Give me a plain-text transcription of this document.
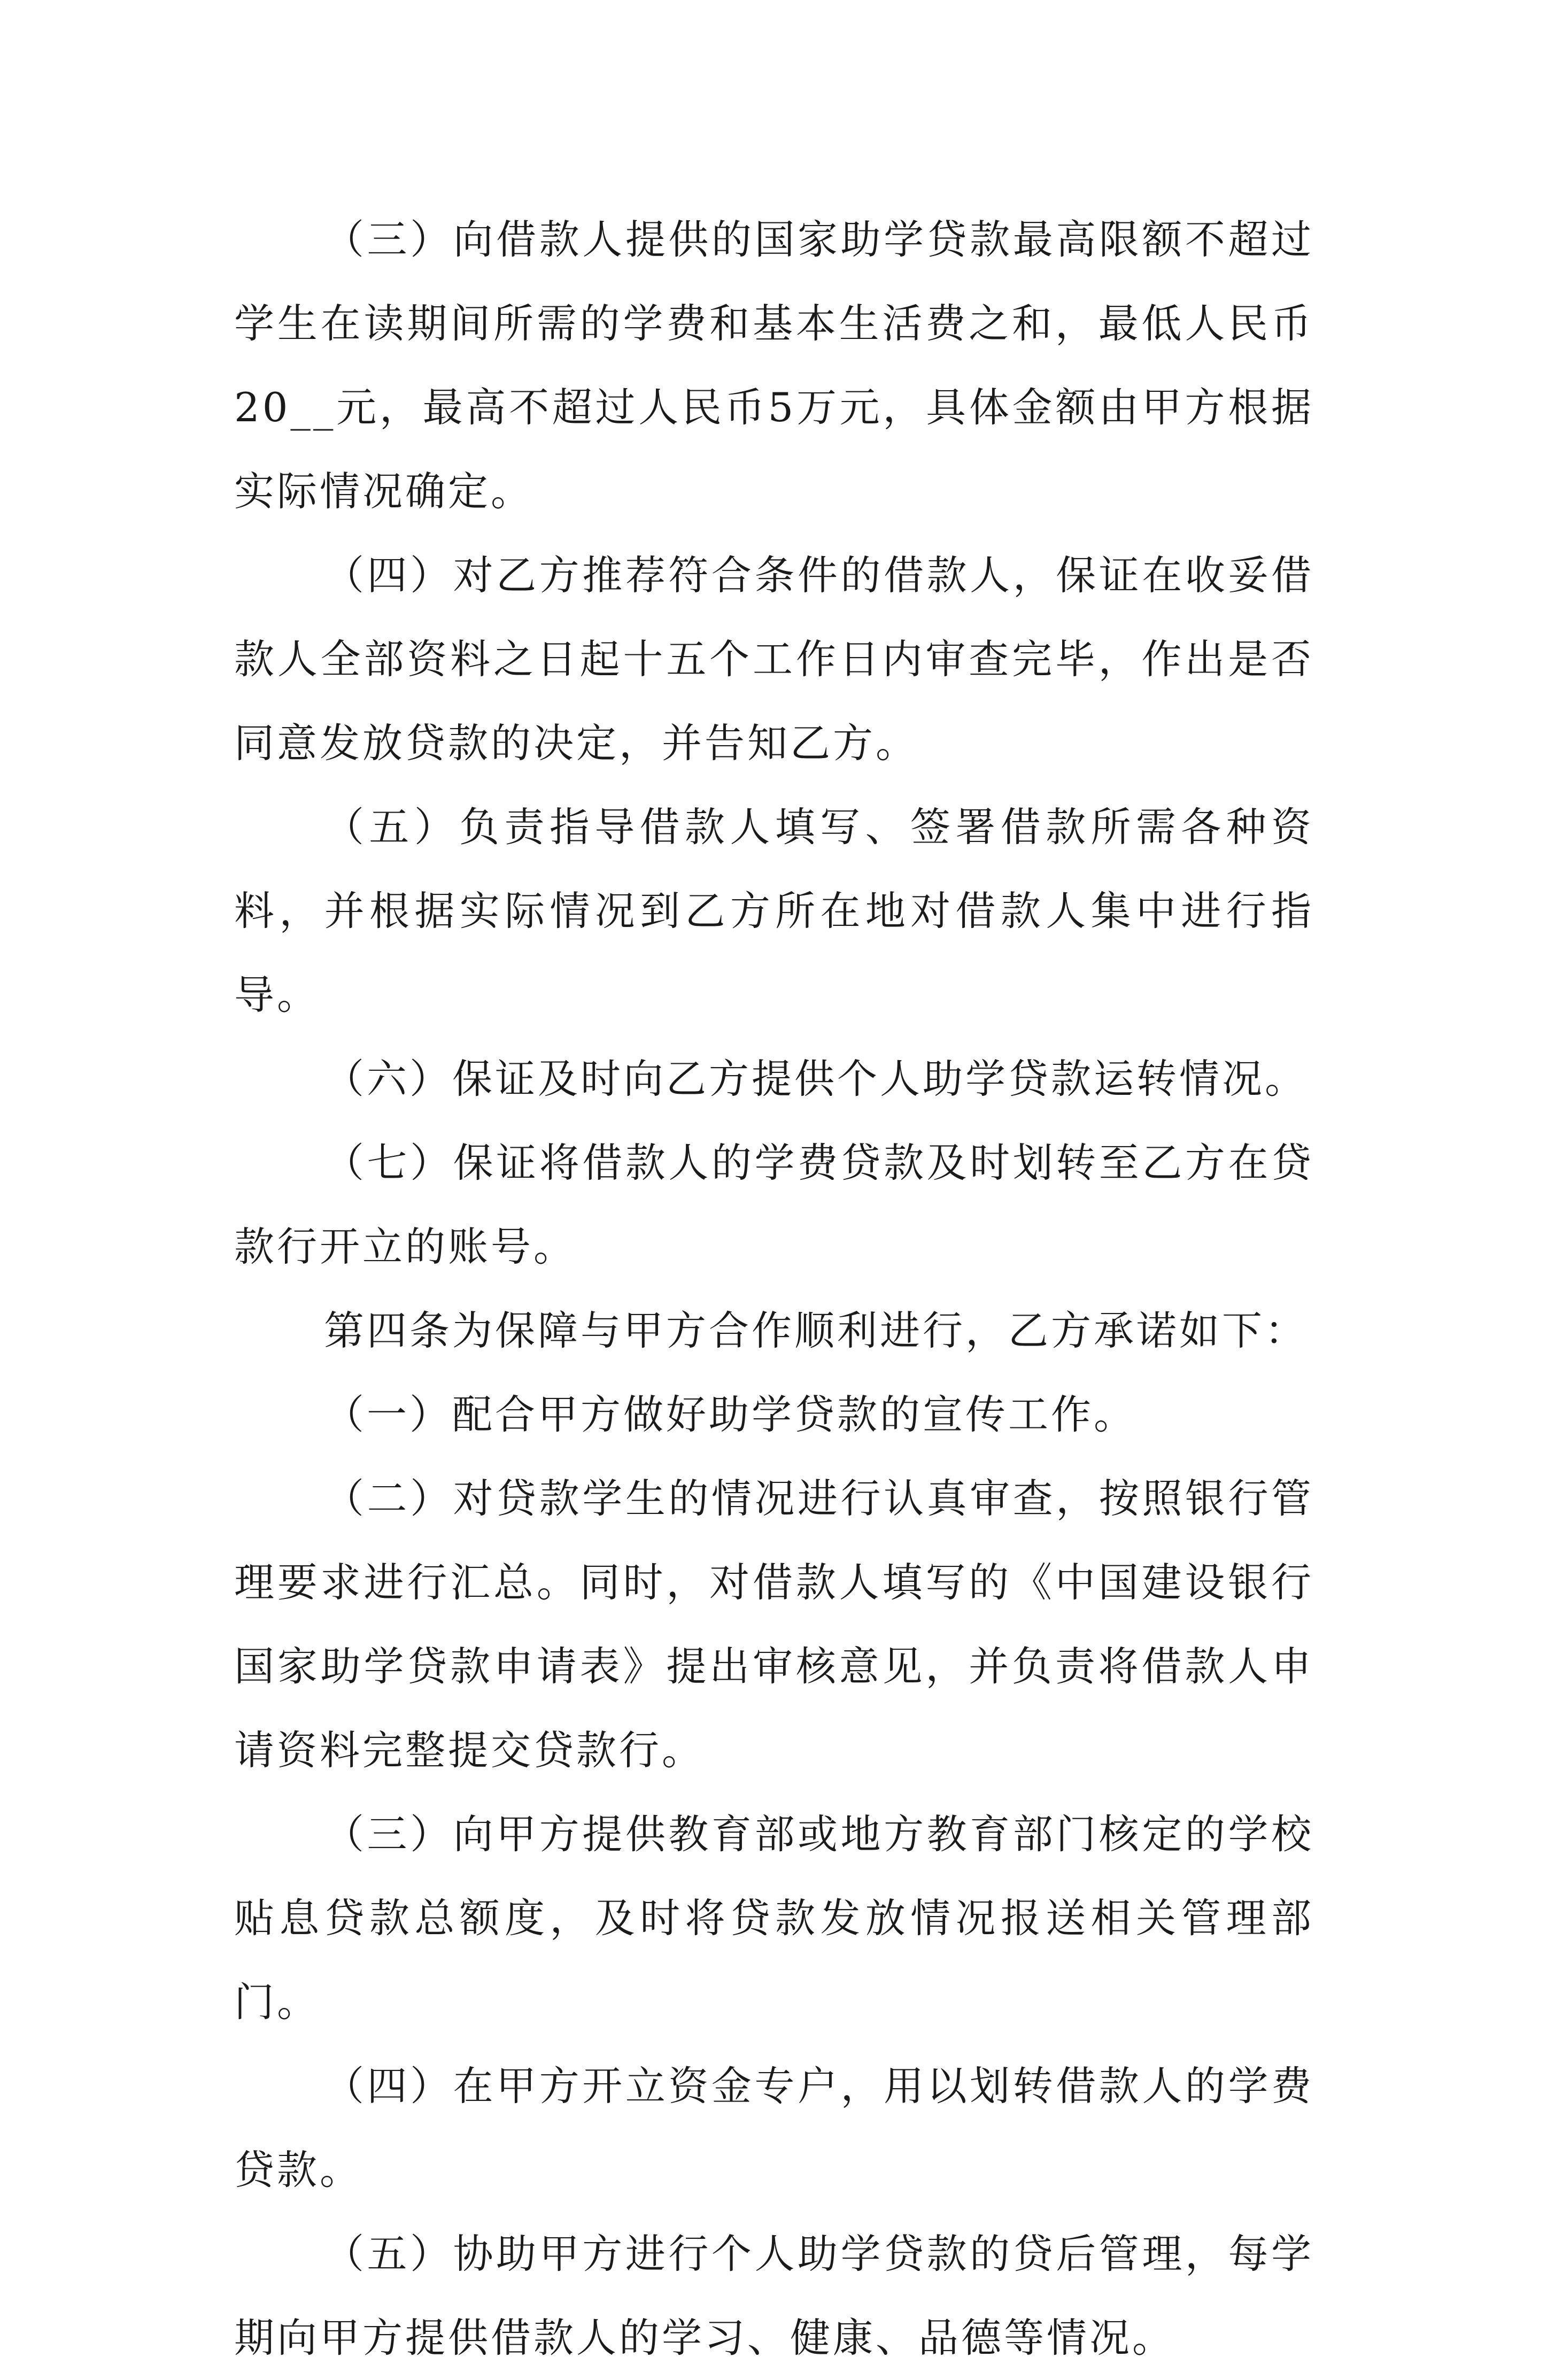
（三）向借款人提供的国家助学贷款最高限额不超过学生在读期间所需的学费和基本生活费之和，最低人民币20__元，最高不超过人民币5万元，具体金额由甲方根据实际情况确定。

（四）对乙方推荐符合条件的借款人，保证在收妥借款人全部资料之日起十五个工作日内审查完毕，作出是否同意发放贷款的决定，并告知乙方。

（五）负责指导借款人填写、签署借款所需各种资料，并根据实际情况到乙方所在地对借款人集中进行指导。

（六）保证及时向乙方提供个人助学贷款运转情况。

（七）保证将借款人的学费贷款及时划转至乙方在贷款行开立的账号。

第四条为保障与甲方合作顺利进行，乙方承诺如下：

（一）配合甲方做好助学贷款的宣传工作。

（二）对贷款学生的情况进行认真审查，按照银行管理要求进行汇总。同时，对借款人填写的《中国建设银行国家助学贷款申请表》提出审核意见，并负责将借款人申请资料完整提交贷款行。

（三）向甲方提供教育部或地方教育部门核定的学校贴息贷款总额度，及时将贷款发放情况报送相关管理部门。

（四）在甲方开立资金专户，用以划转借款人的学费贷款。

（五）协助甲方进行个人助学贷款的贷后管理，每学期向甲方提供借款人的学习、健康、品德等情况。
